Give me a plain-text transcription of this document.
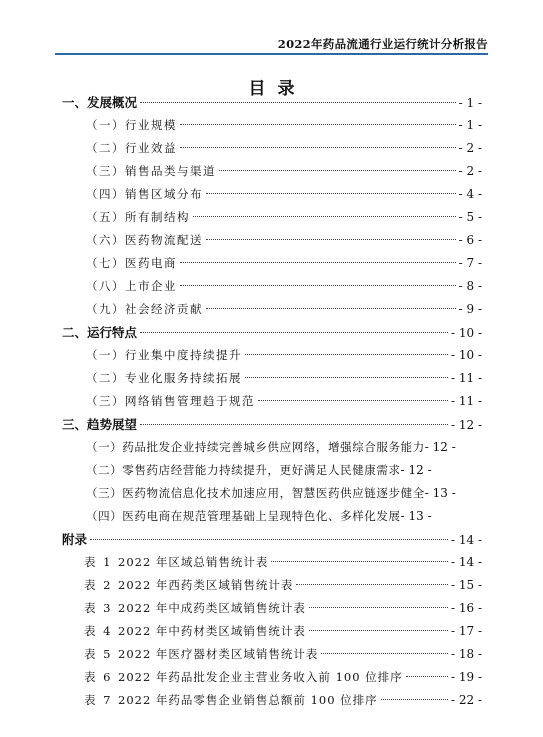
2022年药品流通行业运行统计分析报告
目录
一、发展概况	- 1 -
（一）行业规模	- 1 -
（二）行业效益	- 2 -
（三）销售品类与渠道	- 2 -
（四）销售区域分布	- 4 -
（五）所有制结构	- 5 -
（六）医药物流配送	- 6 -
（七）医药电商	- 7 -
（八）上市企业	- 8 -
（九）社会经济贡献	- 9 -
二、运行特点	- 10 -
（一）行业集中度持续提升	- 10 -
（二）专业化服务持续拓展	- 11 -
（三）网络销售管理趋于规范	- 11 -
三、趋势展望	- 12 -
（一）药品批发企业持续完善城乡供应网络，增强综合服务能力 - 12 -
（二）零售药店经营能力持续提升，更好满足人民健康需求 - 12 -
（三）医药物流信息化技术加速应用，智慧医药供应链逐步健全 - 13 -
（四）医药电商在规范管理基础上呈现特色化、多样化发展 - 13 -
附录	- 14 -
表 1 2022 年区域总销售统计表	- 14 -
表 2 2022 年西药类区域销售统计表	- 15 -
表 3 2022 年中成药类区域销售统计表	- 16 -
表 4 2022 年中药材类区域销售统计表	- 17 -
表 5 2022 年医疗器材类区域销售统计表	- 18 -
表 6 2022 年药品批发企业主营业务收入前 100 位排序	- 19 -
表 7 2022 年药品零售企业销售总额前 100 位排序	- 22 -
